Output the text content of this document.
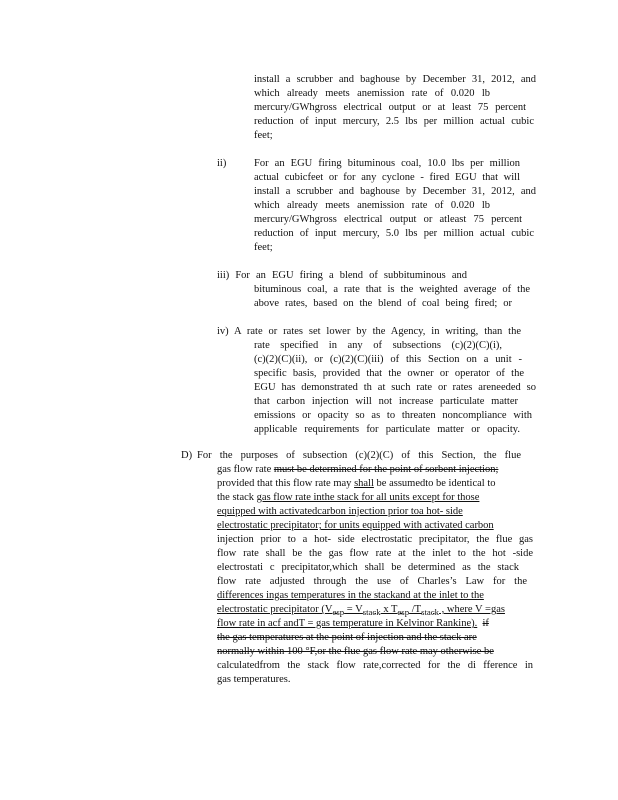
install a scrubber and baghouse by December 31, 2012, and
which already meets anemission rate of 0.020 lb
mercury/GWhgross electrical output or at least 75 percent
reduction of input mercury, 2.5 lbs per million actual cubic
feet;
ii)	For an EGU firing bituminous coal, 10.0 lbs per million
actual cubicfeet or for any cyclone - fired EGU that will
install a scrubber and baghouse by December 31, 2012, and
which already meets anemission rate of 0.020 lb
mercury/GWhgross electrical output or atleast 75 percent
reduction of input mercury, 5.0 lbs per million actual cubic
feet;
iii) For an EGU firing a blend of subbituminous and
bituminous coal, a rate that is the weighted average of the
above rates, based on the blend of coal being fired; or
iv) A rate or rates set lower by the Agency, in writing, than the
rate specified in any of subsections (c)(2)(C)(i),
(c)(2)(C)(ii), or (c)(2)(C)(iii) of this Section on a unit -
specific basis, provided that the owner or operator of the
EGU has demonstrated th at such rate or rates areneeded so
that carbon injection will not increase particulate matter
emissions or opacity so as to threaten noncompliance with
applicable requirements for particulate matter or opacity.
D) For the purposes of subsection (c)(2)(C) of this Section, the flue
gas flow rate must be determined for the point of sorbent injection;
provided that this flow rate may shall be assumedto be identical to
the stack gas flow rate inthe stack for all units except for those
equipped with activatedcarbon injection prior toa hot- side
electrostatic precipitator; for units equipped with activated carbon
injection prior to a hot- side electrostatic precipitator, the flue gas
flow rate shall be the gas flow rate at the inlet to the hot -side
electrostati c precipitator,which shall be determined as the stack
flow rate adjusted through the use of Charles’s Law for the
differences ingas temperatures in the stackand at the inlet to the
electrostatic precipitator ($V_{esp} = V_{stack}$ x $T_{esp}$ $/T_{stack}$ , where V =gas
flow rate in acf andT = gas temperature in Kelvinor Rankine). if
the gas temperatures at the point of injection and the stack are
normally within 100 °F,or the flue gas flow rate may otherwise be
calculatedfrom the stack flow rate,corrected for the di fference in
gas temperatures.
